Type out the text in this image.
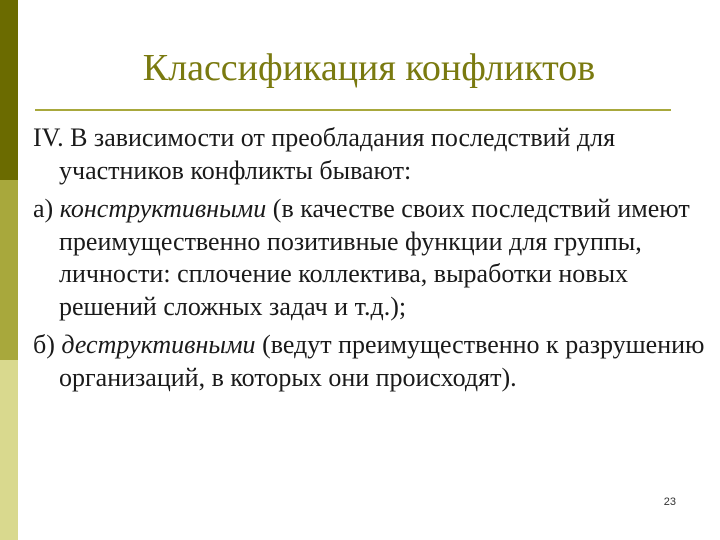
Классификация конфликтов

IV. В зависимости от преобладания последствий для участников конфликты бывают:

а) конструктивными (в качестве своих последствий имеют преимущественно позитивные функции для группы, личности: сплочение коллектива, выработки новых решений сложных задач и т.д.);

б) деструктивными (ведут преимущественно к разрушению организаций, в которых они происходят).

23
